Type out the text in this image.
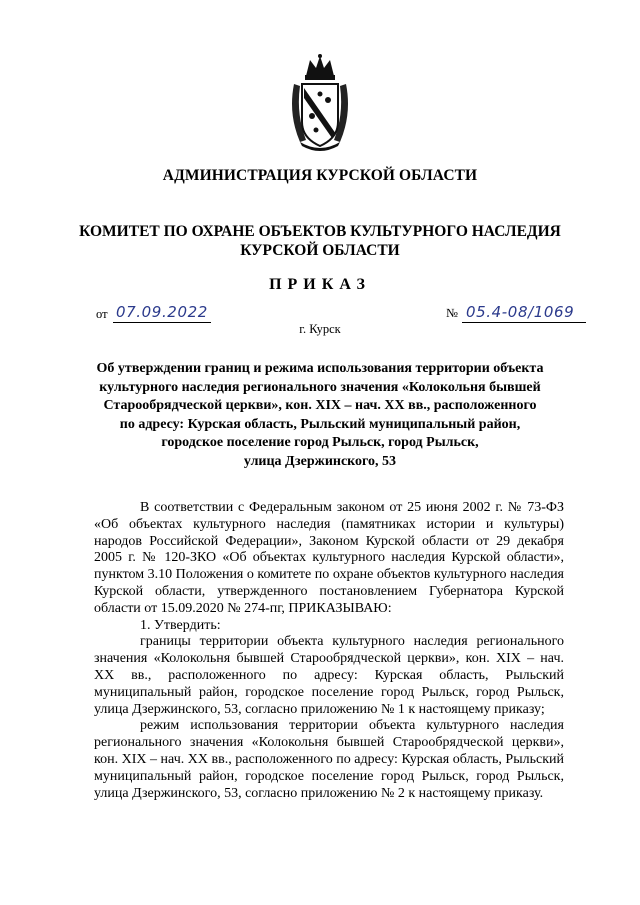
АДМИНИСТРАЦИЯ КУРСКОЙ ОБЛАСТИ
КОМИТЕТ ПО ОХРАНЕ ОБЪЕКТОВ КУЛЬТУРНОГО НАСЛЕДИЯ
КУРСКОЙ ОБЛАСТИ
ПРИКАЗ
от 07.09.2022	№ 05.4-08/1069
г. Курск
Об утверждении границ и режима использования территории объекта
культурного наследия регионального значения «Колокольня бывшей
Старообрядческой церкви», кон. XIX – нач. XX вв., расположенного
по адресу: Курская область, Рыльский муниципальный район,
городское поселение город Рыльск, город Рыльск,
улица Дзержинского, 53

В соответствии с Федеральным законом от 25 июня 2002 г. № 73-ФЗ «Об объектах культурного наследия (памятниках истории и культуры) народов Российской Федерации», Законом Курской области от 29 декабря 2005 г. № 120-ЗКО «Об объектах культурного наследия Курской области», пунктом 3.10 Положения о комитете по охране объектов культурного наследия Курской области, утвержденного постановлением Губернатора Курской области от 15.09.2020 № 274-пг, ПРИКАЗЫВАЮ:

1. Утвердить:

границы территории объекта культурного наследия регионального значения «Колокольня бывшей Старообрядческой церкви», кон. XIX – нач. XX вв., расположенного по адресу: Курская область, Рыльский муниципальный район, городское поселение город Рыльск, город Рыльск, улица Дзержинского, 53, согласно приложению № 1 к настоящему приказу;

режим использования территории объекта культурного наследия регионального значения «Колокольня бывшей Старообрядческой церкви», кон. XIX – нач. XX вв., расположенного по адресу: Курская область, Рыльский муниципальный район, городское поселение город Рыльск, город Рыльск, улица Дзержинского, 53, согласно приложению № 2 к настоящему приказу.
